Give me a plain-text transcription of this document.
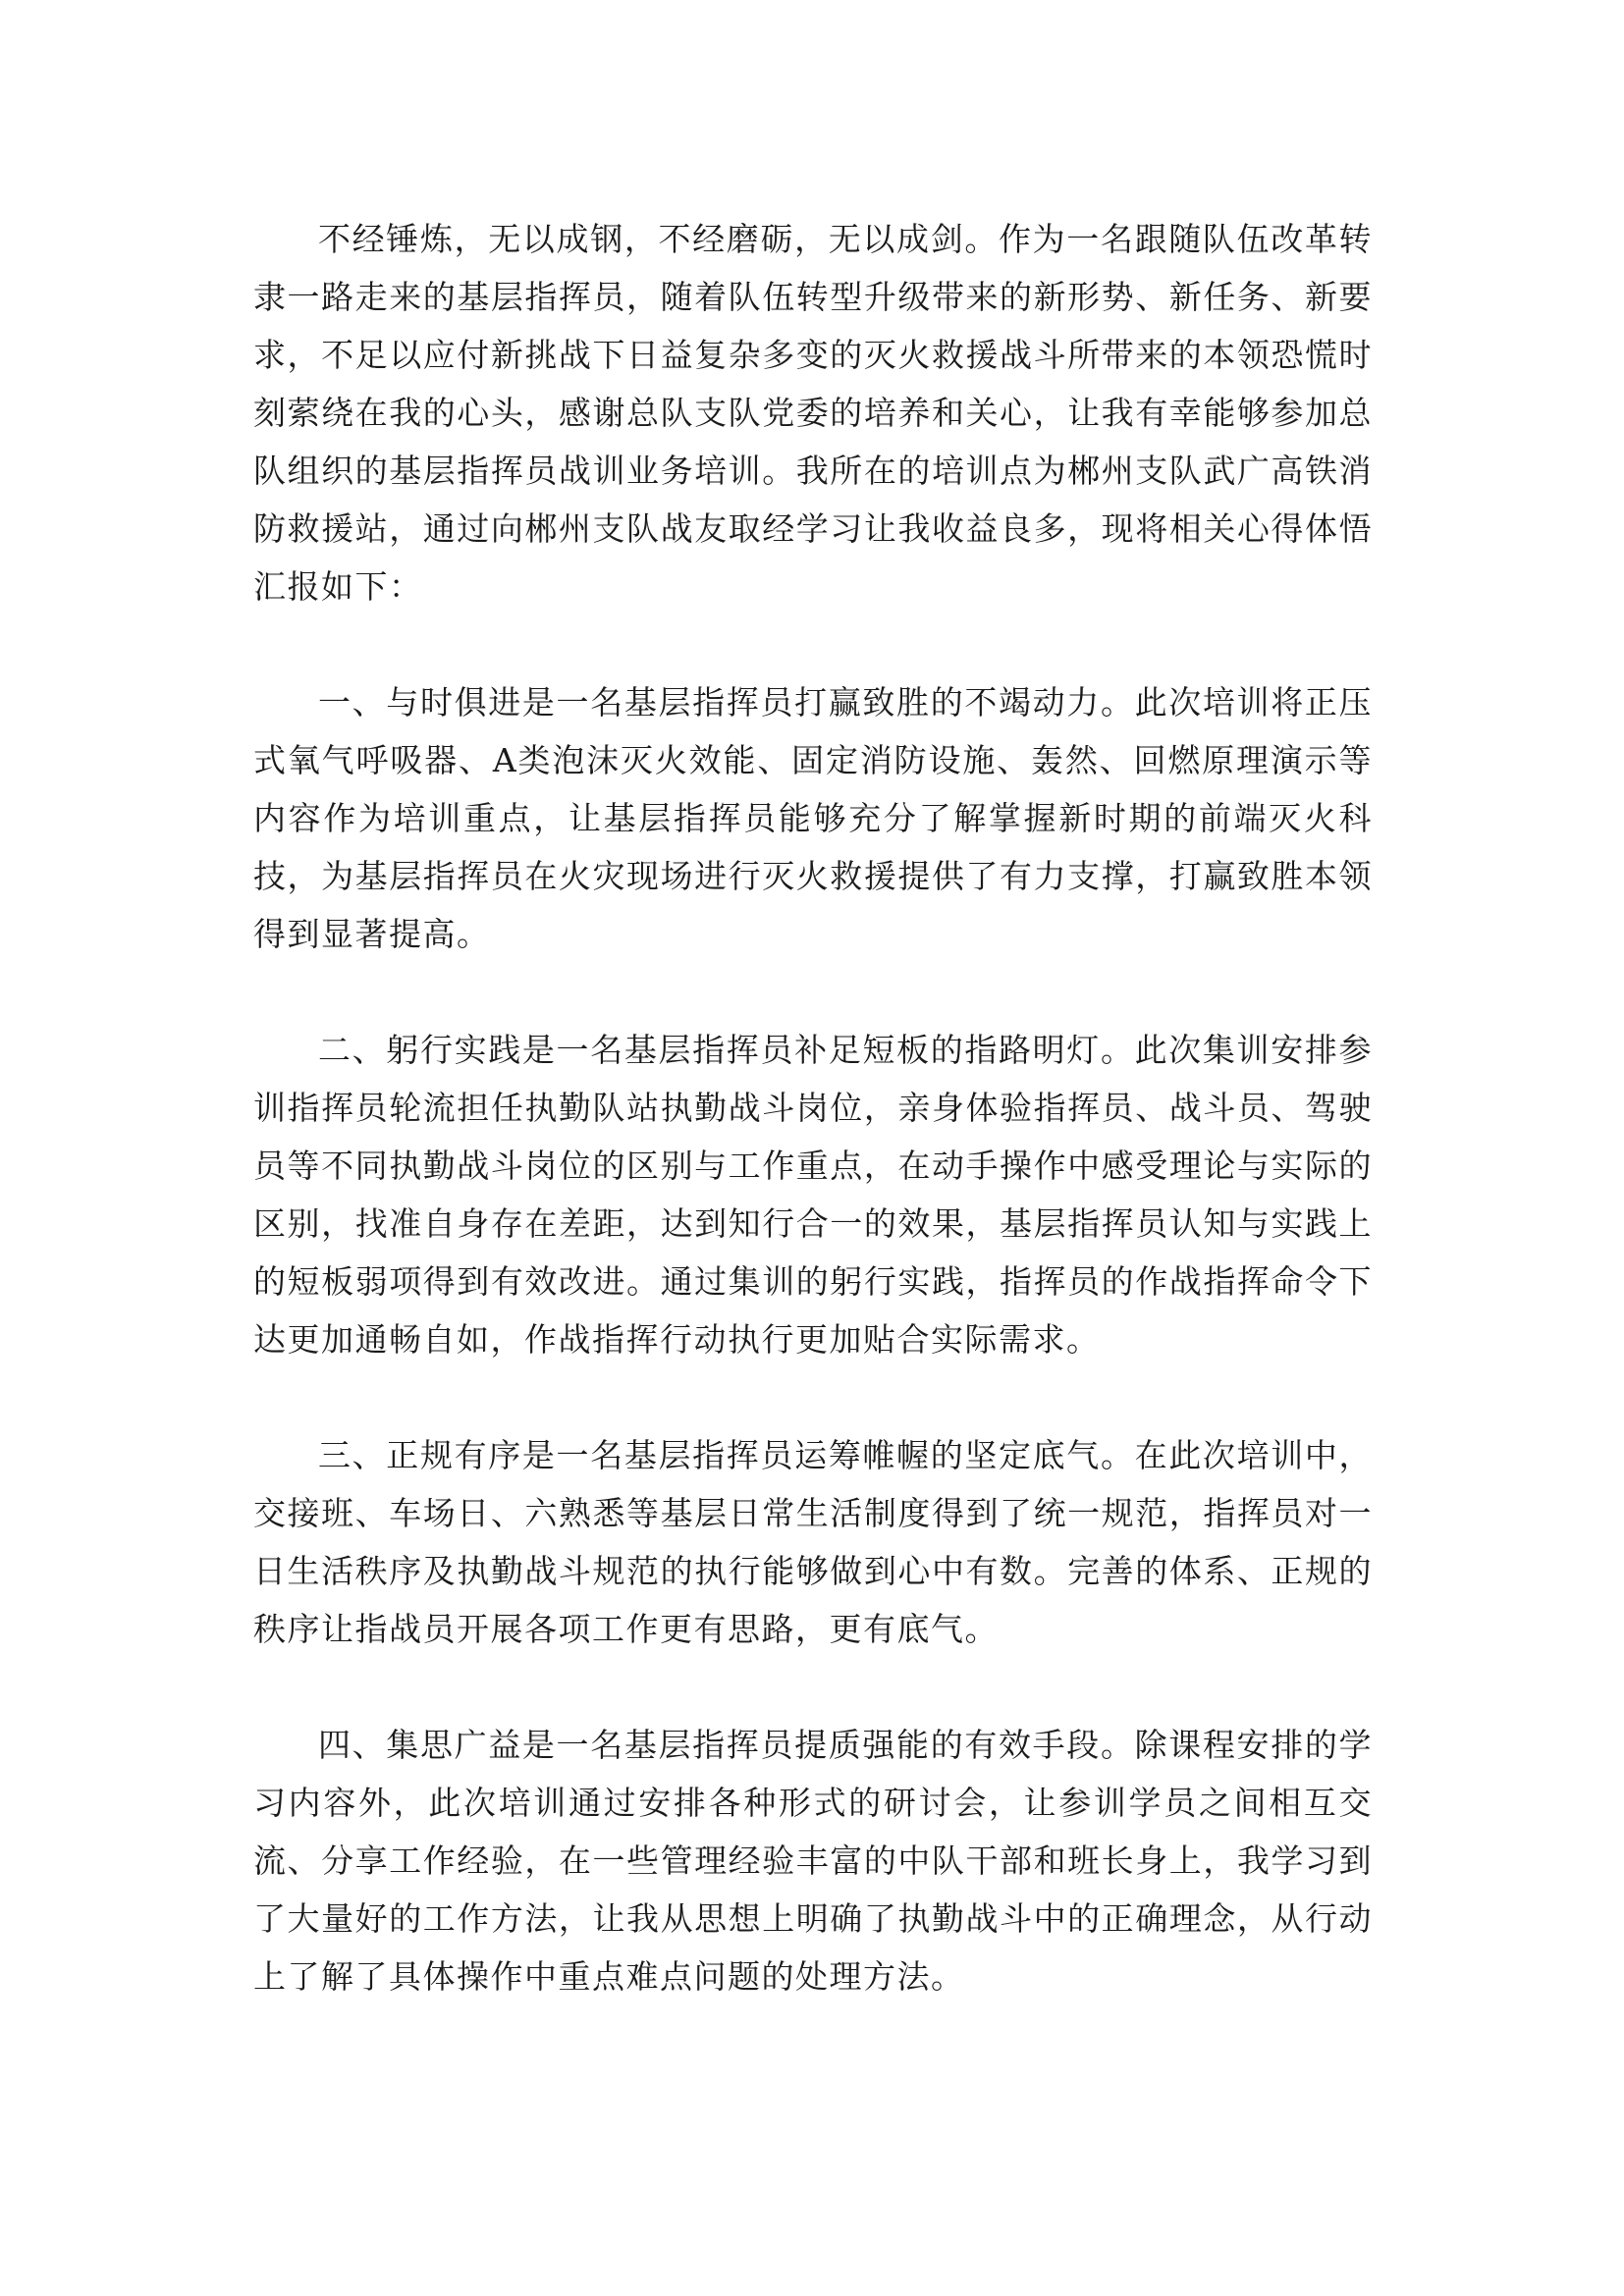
不经锤炼，无以成钢，不经磨砺，无以成剑。作为一名跟随队伍改革转隶一路走来的基层指挥员，随着队伍转型升级带来的新形势、新任务、新要求，不足以应付新挑战下日益复杂多变的灭火救援战斗所带来的本领恐慌时刻萦绕在我的心头，感谢总队支队党委的培养和关心，让我有幸能够参加总队组织的基层指挥员战训业务培训。我所在的培训点为郴州支队武广高铁消防救援站，通过向郴州支队战友取经学习让我收益良多，现将相关心得体悟汇报如下：

一、与时俱进是一名基层指挥员打赢致胜的不竭动力。此次培训将正压式氧气呼吸器、A类泡沫灭火效能、固定消防设施、轰然、回燃原理演示等内容作为培训重点，让基层指挥员能够充分了解掌握新时期的前端灭火科技，为基层指挥员在火灾现场进行灭火救援提供了有力支撑，打赢致胜本领得到显著提高。

二、躬行实践是一名基层指挥员补足短板的指路明灯。此次集训安排参训指挥员轮流担任执勤队站执勤战斗岗位，亲身体验指挥员、战斗员、驾驶员等不同执勤战斗岗位的区别与工作重点，在动手操作中感受理论与实际的区别，找准自身存在差距，达到知行合一的效果，基层指挥员认知与实践上的短板弱项得到有效改进。通过集训的躬行实践，指挥员的作战指挥命令下达更加通畅自如，作战指挥行动执行更加贴合实际需求。

三、正规有序是一名基层指挥员运筹帷幄的坚定底气。在此次培训中，交接班、车场日、六熟悉等基层日常生活制度得到了统一规范，指挥员对一日生活秩序及执勤战斗规范的执行能够做到心中有数。完善的体系、正规的秩序让指战员开展各项工作更有思路，更有底气。

四、集思广益是一名基层指挥员提质强能的有效手段。除课程安排的学习内容外，此次培训通过安排各种形式的研讨会，让参训学员之间相互交流、分享工作经验，在一些管理经验丰富的中队干部和班长身上，我学习到了大量好的工作方法，让我从思想上明确了执勤战斗中的正确理念，从行动上了解了具体操作中重点难点问题的处理方法。
